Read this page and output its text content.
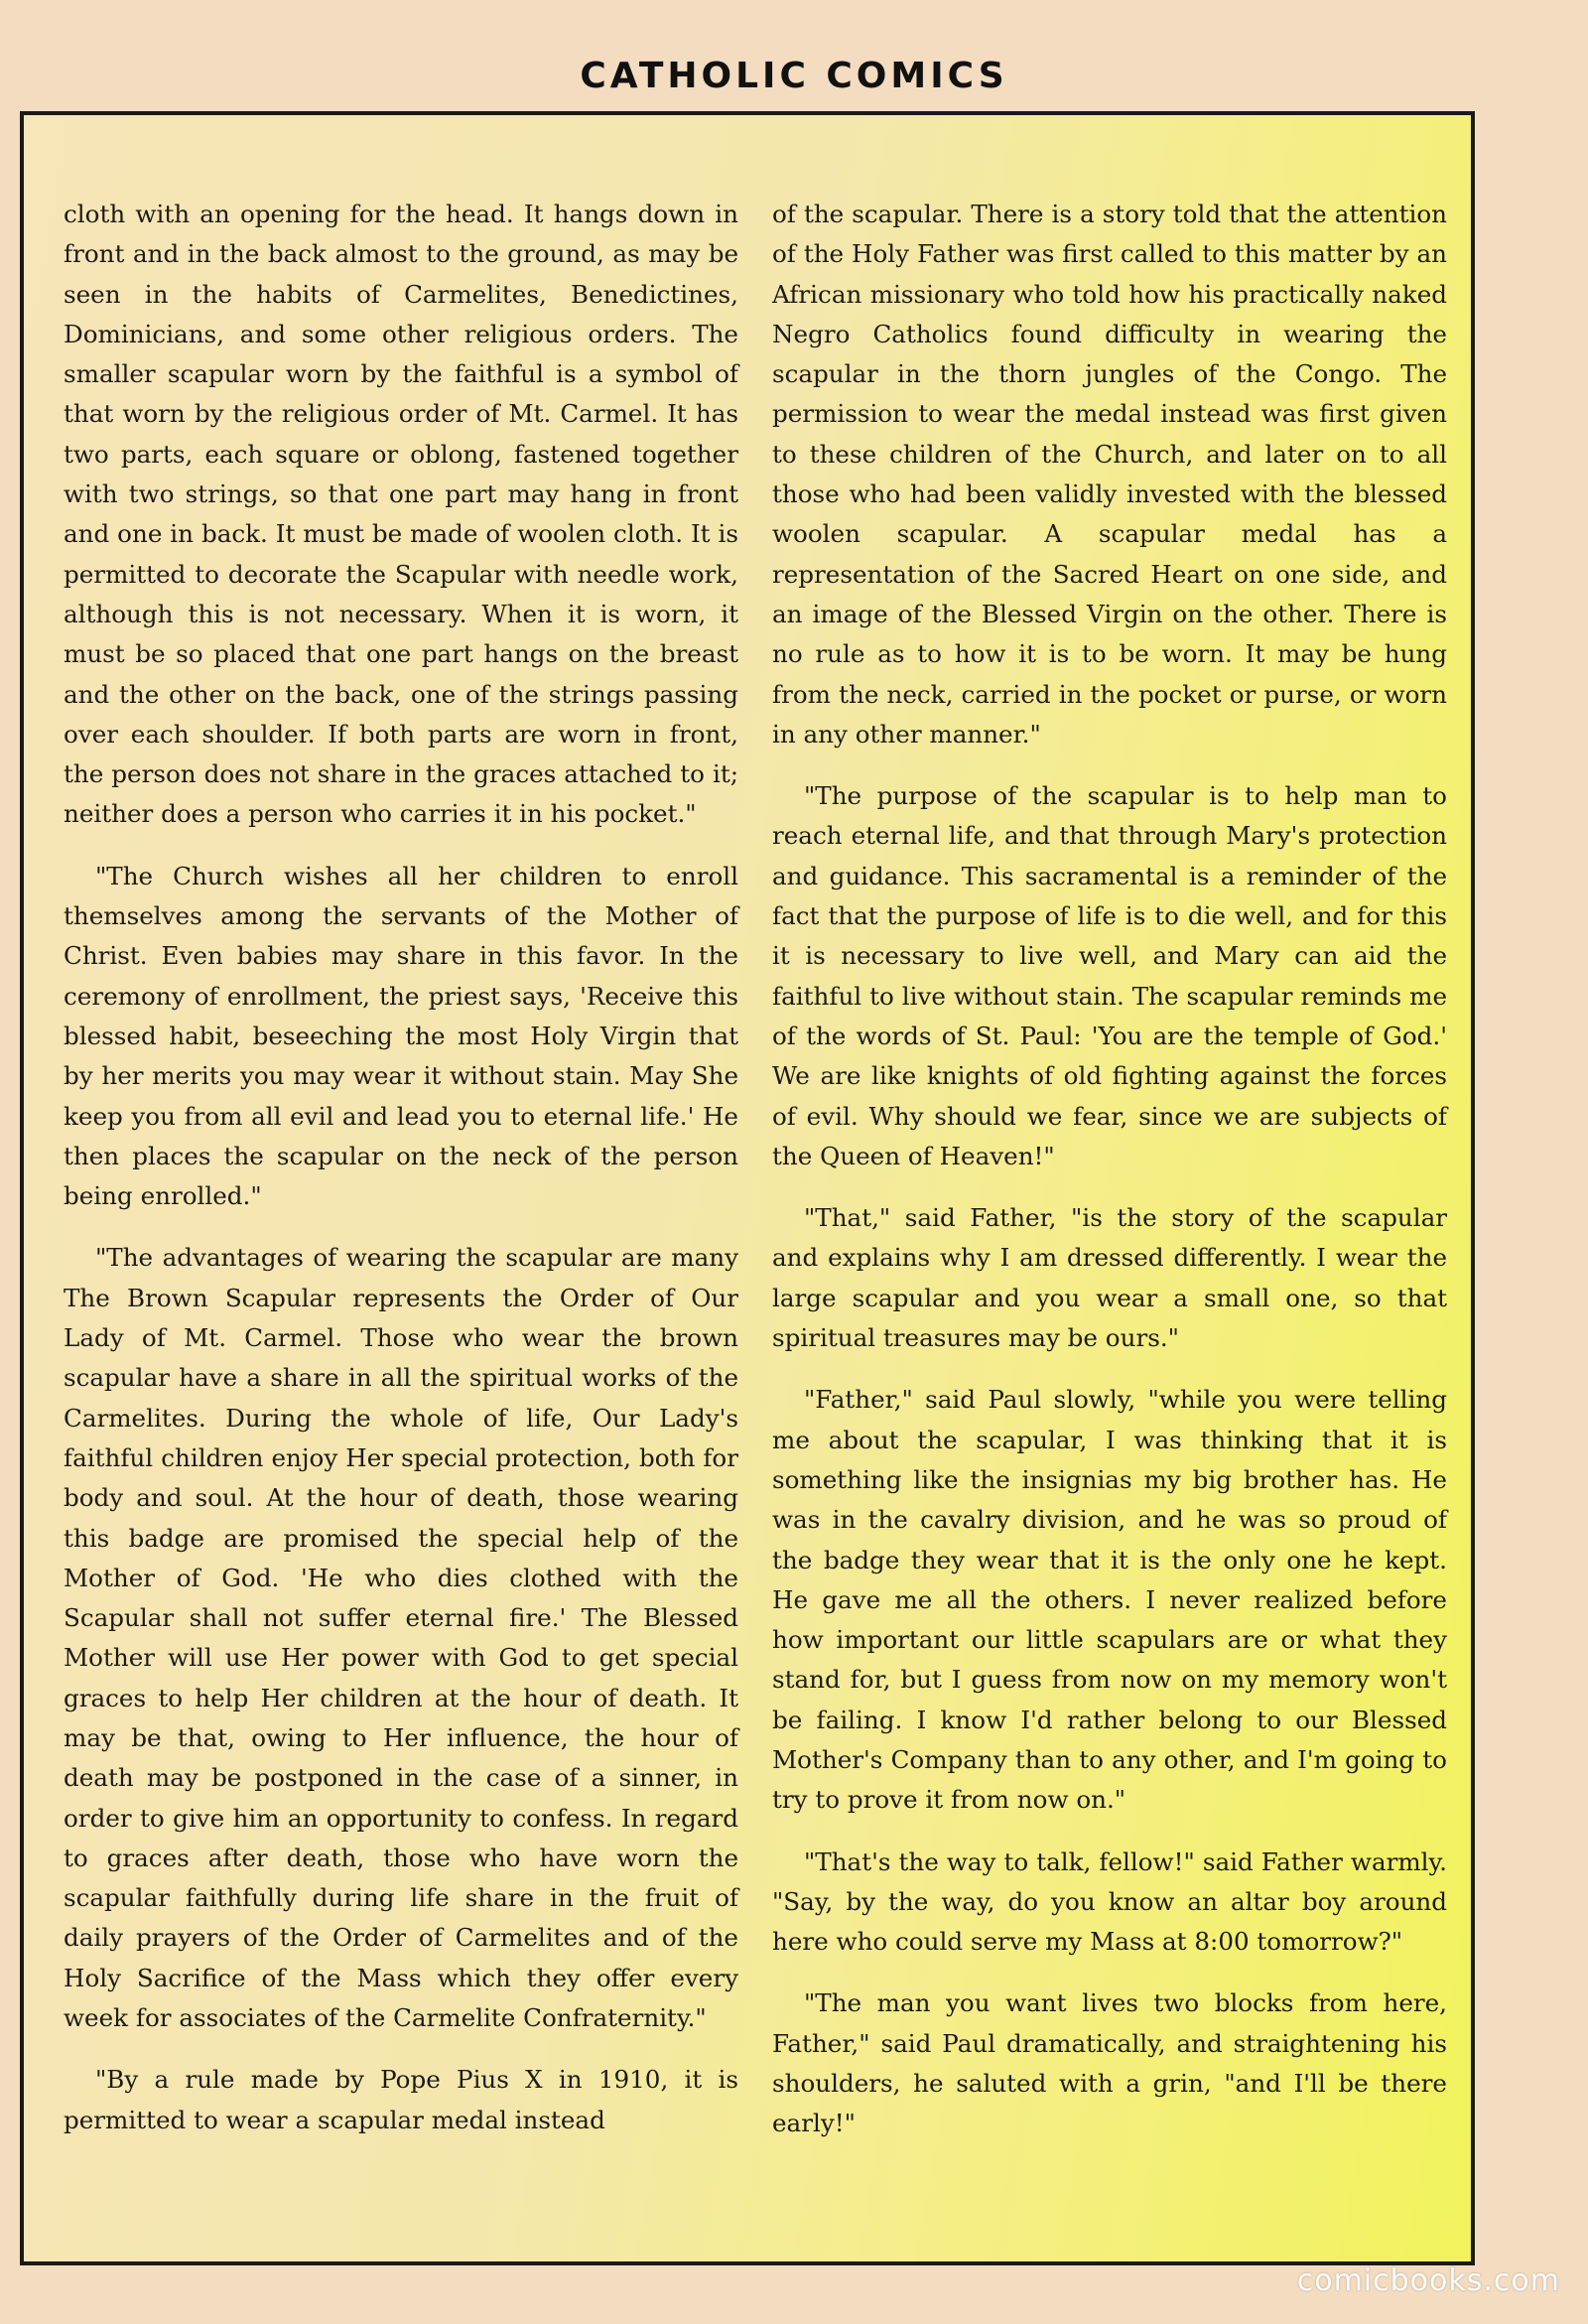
CATHOLIC COMICS

cloth with an opening for the head. It hangs down in front and in the back almost to the ground, as may be seen in the habits of Carmelites, Benedictines, Dominicians, and some other religious orders. The smaller scapular worn by the faithful is a symbol of that worn by the religious order of Mt. Carmel. It has two parts, each square or oblong, fastened together with two strings, so that one part may hang in front and one in back. It must be made of woolen cloth. It is permitted to decorate the Scapular with needle work, although this is not necessary. When it is worn, it must be so placed that one part hangs on the breast and the other on the back, one of the strings passing over each shoulder. If both parts are worn in front, the person does not share in the graces attached to it; neither does a person who carries it in his pocket."

"The Church wishes all her children to enroll themselves among the servants of the Mother of Christ. Even babies may share in this favor. In the ceremony of enrollment, the priest says, 'Receive this blessed habit, beseeching the most Holy Virgin that by her merits you may wear it without stain. May She keep you from all evil and lead you to eternal life.' He then places the scapular on the neck of the person being enrolled."

"The advantages of wearing the scapular are many The Brown Scapular represents the Order of Our Lady of Mt. Carmel. Those who wear the brown scapular have a share in all the spiritual works of the Carmelites. During the whole of life, Our Lady's faithful children enjoy Her special protection, both for body and soul. At the hour of death, those wearing this badge are promised the special help of the Mother of God. 'He who dies clothed with the Scapular shall not suffer eternal fire.' The Blessed Mother will use Her power with God to get special graces to help Her children at the hour of death. It may be that, owing to Her influence, the hour of death may be postponed in the case of a sinner, in order to give him an opportunity to confess. In regard to graces after death, those who have worn the scapular faithfully during life share in the fruit of daily prayers of the Order of Carmelites and of the Holy Sacrifice of the Mass which they offer every week for associates of the Carmelite Confraternity."

"By a rule made by Pope Pius X in 1910, it is permitted to wear a scapular medal instead

of the scapular. There is a story told that the attention of the Holy Father was first called to this matter by an African missionary who told how his practically naked Negro Catholics found difficulty in wearing the scapular in the thorn jungles of the Congo. The permission to wear the medal instead was first given to these children of the Church, and later on to all those who had been validly invested with the blessed woolen scapular. A scapular medal has a representation of the Sacred Heart on one side, and an image of the Blessed Virgin on the other. There is no rule as to how it is to be worn. It may be hung from the neck, carried in the pocket or purse, or worn in any other manner."

"The purpose of the scapular is to help man to reach eternal life, and that through Mary's protection and guidance. This sacramental is a reminder of the fact that the purpose of life is to die well, and for this it is necessary to live well, and Mary can aid the faithful to live without stain. The scapular reminds me of the words of St. Paul: 'You are the temple of God.' We are like knights of old fighting against the forces of evil. Why should we fear, since we are subjects of the Queen of Heaven!"

"That," said Father, "is the story of the scapular and explains why I am dressed differently. I wear the large scapular and you wear a small one, so that spiritual treasures may be ours."

"Father," said Paul slowly, "while you were telling me about the scapular, I was thinking that it is something like the insignias my big brother has. He was in the cavalry division, and he was so proud of the badge they wear that it is the only one he kept. He gave me all the others. I never realized before how important our little scapulars are or what they stand for, but I guess from now on my memory won't be failing. I know I'd rather belong to our Blessed Mother's Company than to any other, and I'm going to try to prove it from now on."

"That's the way to talk, fellow!" said Father warmly. "Say, by the way, do you know an altar boy around here who could serve my Mass at 8:00 tomorrow?"

"The man you want lives two blocks from here, Father," said Paul dramatically, and straightening his shoulders, he saluted with a grin, "and I'll be there early!"

comicbooks.com
